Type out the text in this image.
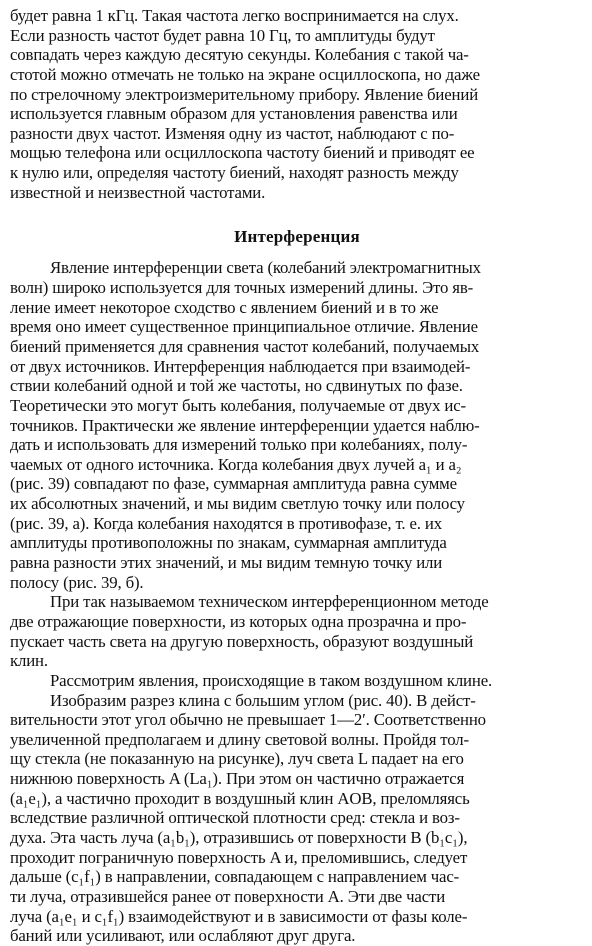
будет равна 1 кГц. Такая частота легко воспринимается на слух.
Если разность частот будет равна 10 Гц, то амплитуды будут
совпадать через каждую десятую секунды. Колебания с такой ча-
стотой можно отмечать не только на экране осциллоскопа, но даже
по стрелочному электроизмерительному прибору. Явление биений
используется главным образом для установления равенства или
разности двух частот. Изменяя одну из частот, наблюдают с по-
мощью телефона или осциллоскопа частоту биений и приводят ее
к нулю или, определяя частоту биений, находят разность между
известной и неизвестной частотами.
Интерференция
Явление интерференции света (колебаний электромагнитных
волн) широко используется для точных измерений длины. Это яв-
ление имеет некоторое сходство с явлением биений и в то же
время оно имеет существенное принципиальное отличие. Явление
биений применяется для сравнения частот колебаний, получаемых
от двух источников. Интерференция наблюдается при взаимодей-
ствии колебаний одной и той же частоты, но сдвинутых по фазе.
Теоретически это могут быть колебания, получаемые от двух ис-
точников. Практически же явление интерференции удается наблю-
дать и использовать для измерений только при колебаниях, полу-
чаемых от одного источника. Когда колебания двух лучей a₁ и a₂
(рис. 39) совпадают по фазе, суммарная амплитуда равна сумме
их абсолютных значений, и мы видим светлую точку или полосу
(рис. 39, а). Когда колебания находятся в противофазе, т. е. их
амплитуды противоположны по знакам, суммарная амплитуда
равна разности этих значений, и мы видим темную точку или
полосу (рис. 39, б).
При так называемом техническом интерференционном методе
две отражающие поверхности, из которых одна прозрачна и про-
пускает часть света на другую поверхность, образуют воздушный
клин.
Рассмотрим явления, происходящие в таком воздушном клине.
Изобразим разрез клина с большим углом (рис. 40). В дейст-
вительности этот угол обычно не превышает 1—2′. Соответственно
увеличенной предполагаем и длину световой волны. Пройдя тол-
щу стекла (не показанную на рисунке), луч света L падает на его
нижнюю поверхность A (La₁). При этом он частично отражается
(a₁e₁), а частично проходит в воздушный клин AOB, преломляясь
вследствие различной оптической плотности сред: стекла и воз-
духа. Эта часть луча (a₁b₁), отразившись от поверхности B (b₁c₁),
проходит пограничную поверхность A и, преломившись, следует
дальше (c₁f₁) в направлении, совпадающем с направлением час-
ти луча, отразившейся ранее от поверхности A. Эти две части
луча (a₁e₁ и c₁f₁) взаимодействуют и в зависимости от фазы коле-
баний или усиливают, или ослабляют друг друга.
